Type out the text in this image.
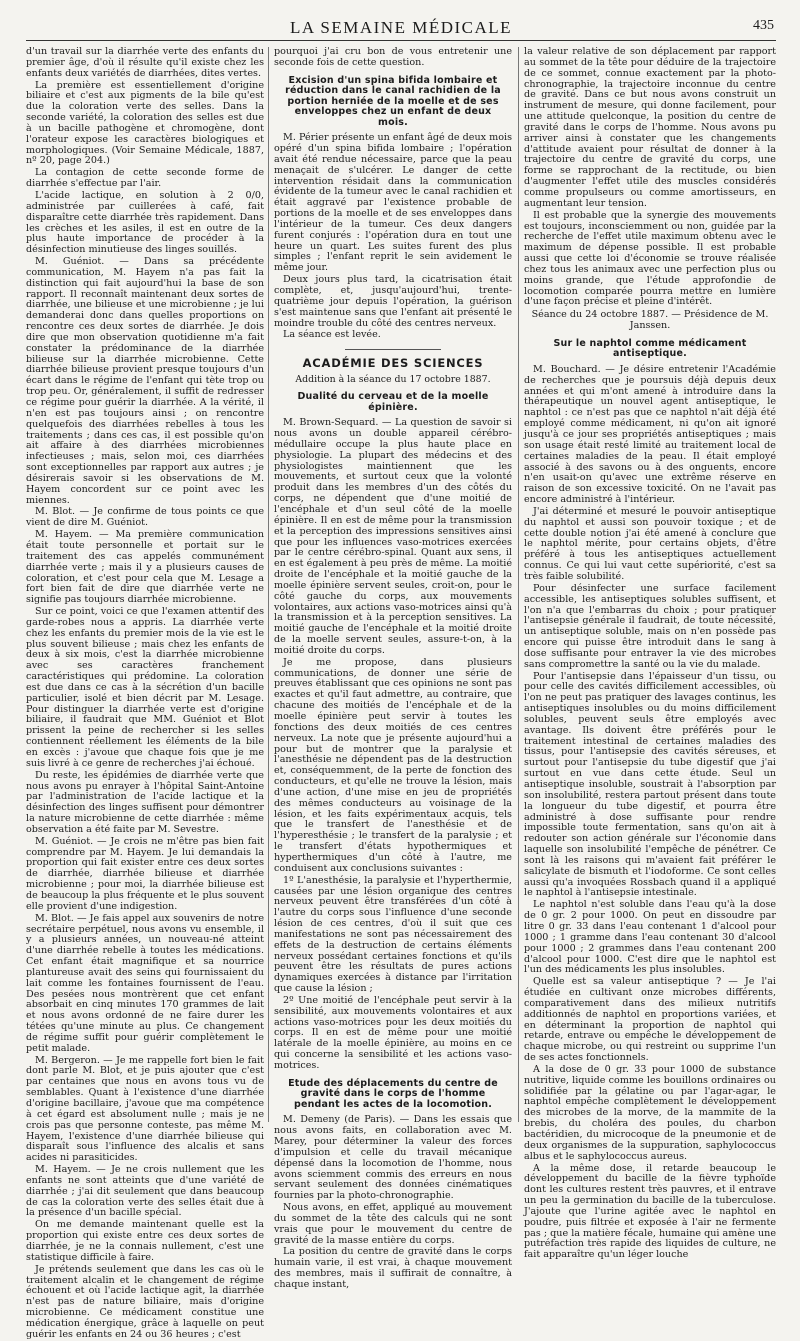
LA SEMAINE MÉDICALE	435

d'un travail sur la diarrhée verte des enfants du premier âge, d'où il résulte qu'il existe chez les enfants deux variétés de diarrhées, dites vertes.

La première est essentiellement d'origine biliaire et c'est aux pigments de la bile qu'est due la coloration verte des selles. Dans la seconde variété, la coloration des selles est due à un bacille pathogène et chromogène, dont l'orateur expose les caractères biologiques et morphologiques. (Voir Semaine Médicale, 1887, nº 20, page 204.)

La contagion de cette seconde forme de diarrhée s'effectue par l'air.

L'acide lactique, en solution à 2 0/0, administrée par cuillerées à café, fait disparaître cette diarrhée très rapidement. Dans les crèches et les asiles, il est en outre de la plus haute importance de procéder à la désinfection minutieuse des linges souillés.

M. Guéniot. — Dans sa précédente communication, M. Hayem n'a pas fait la distinction qui fait aujourd'hui la base de son rapport. Il reconnaît maintenant deux sortes de diarrhée, une bilieuse et une microbienne ; je lui demanderai donc dans quelles proportions on rencontre ces deux sortes de diarrhée. Je dois dire que mon observation quotidienne m'a fait constater la prédominance de la diarrhée bilieuse sur la diarrhée microbienne. Cette diarrhée bilieuse provient presque toujours d'un écart dans le régime de l'enfant qui tète trop ou trop peu. Or, généralement, il suffit de redresser ce régime pour guérir la diarrhée. A la vérité, il n'en est pas toujours ainsi ; on rencontre quelquefois des diarrhées rebelles à tous les traitements ; dans ces cas, il est possible qu'on ait affaire à des diarrhées microbiennes infectieuses ; mais, selon moi, ces diarrhées sont exceptionnelles par rapport aux autres ; je désirerais savoir si les observations de M. Hayem concordent sur ce point avec les miennes.

M. Blot. — Je confirme de tous points ce que vient de dire M. Guéniot.

M. Hayem. — Ma première communication était toute personnelle et portait sur le traitement des cas appelés communément diarrhée verte ; mais il y a plusieurs causes de coloration, et c'est pour cela que M. Lesage a fort bien fait de dire que diarrhée verte ne signifie pas toujours diarrhée microbienne.

Sur ce point, voici ce que l'examen attentif des garde-robes nous a appris. La diarrhée verte chez les enfants du premier mois de la vie est le plus souvent bilieuse ; mais chez les enfants de deux à six mois, c'est la diarrhée microbienne avec ses caractères franchement caractéristiques qui prédomine. La coloration est due dans ce cas à la sécrétion d'un bacille particulier, isolé et bien décrit par M. Lesage. Pour distinguer la diarrhée verte est d'origine biliaire, il faudrait que MM. Guéniot et Blot prissent la peine de rechercher si les selles contiennent réellement les éléments de la bile en excès : j'avoue que chaque fois que je me suis livré à ce genre de recherches j'ai échoué.

Du reste, les épidémies de diarrhée verte que nous avons pu enrayer à l'hôpital Saint-Antoine par l'administration de l'acide lactique et la désinfection des linges suffisent pour démontrer la nature microbienne de cette diarrhée : même observation a été faite par M. Sevestre.

M. Guéniot. — Je crois ne m'être pas bien fait comprendre par M. Hayem. Je lui demandais la proportion qui fait exister entre ces deux sortes de diarrhée, diarrhée bilieuse et diarrhée microbienne ; pour moi, la diarrhée bilieuse est de beaucoup la plus fréquente et le plus souvent elle provient d'une indigestion.

M. Blot. — Je fais appel aux souvenirs de notre secrétaire perpétuel, nous avons vu ensemble, il y a plusieurs années, un nouveau-né atteint d'une diarrhée rebelle à toutes les médications. Cet enfant était magnifique et sa nourrice plantureuse avait des seins qui fournissaient du lait comme les fontaines fournissent de l'eau. Des pesées nous montrèrent que cet enfant absorbait en cinq minutes 170 grammes de lait et nous avons ordonné de ne faire durer les tétées qu'une minute au plus. Ce changement de régime suffit pour guérir complètement le petit malade.

M. Bergeron. — Je me rappelle fort bien le fait dont parle M. Blot, et je puis ajouter que c'est par centaines que nous en avons tous vu de semblables. Quant à l'existence d'une diarrhée d'origine bacillaire, j'avoue que ma compétence à cet égard est absolument nulle ; mais je ne crois pas que personne conteste, pas même M. Hayem, l'existence d'une diarrhée bilieuse qui disparaît sous l'influence des alcalis et sans acides ni parasiticides.

M. Hayem. — Je ne crois nullement que les enfants ne sont atteints que d'une variété de diarrhée ; j'ai dit seulement que dans beaucoup de cas la coloration verte des selles était due à la présence d'un bacille spécial.

On me demande maintenant quelle est la proportion qui existe entre ces deux sortes de diarrhée, je ne la connais nullement, c'est une statistique difficile à faire.

Je prétends seulement que dans les cas où le traitement alcalin et le changement de régime échouent et où l'acide lactique agit, la diarrhée n'est pas de nature biliaire, mais d'origine microbienne. Ce médicament constitue une médication énergique, grâce à laquelle on peut guérir les enfants en 24 ou 36 heures ; c'est

pourquoi j'ai cru bon de vous entretenir une seconde fois de cette question.

Excision d'un spina bifida lombaire et réduction dans le canal rachidien de la portion herniée de la moelle et de ses enveloppes chez un enfant de deux mois.

M. Périer présente un enfant âgé de deux mois opéré d'un spina bifida lombaire ; l'opération avait été rendue nécessaire, parce que la peau menaçait de s'ulcérer. Le danger de cette intervention résidait dans la communication évidente de la tumeur avec le canal rachidien et était aggravé par l'existence probable de portions de la moelle et de ses enveloppes dans l'intérieur de la tumeur. Ces deux dangers furent conjurés : l'opération dura en tout une heure un quart. Les suites furent des plus simples ; l'enfant reprit le sein avidement le même jour.

Deux jours plus tard, la cicatrisation était complète, et, jusqu'aujourd'hui, trente-quatrième jour depuis l'opération, la guérison s'est maintenue sans que l'enfant ait présenté le moindre trouble du côté des centres nerveux.

La séance est levée.

ACADÉMIE DES SCIENCES
Addition à la séance du 17 octobre 1887.
Dualité du cerveau et de la moelle épinière.

M. Brown-Sequard. — La question de savoir si nous avons un double appareil cérébro-médullaire occupe la plus haute place en physiologie. La plupart des médecins et des physiologistes maintiennent que les mouvements, et surtout ceux que la volonté produit dans les membres d'un des côtés du corps, ne dépendent que d'une moitié de l'encéphale et d'un seul côté de la moelle épinière. Il en est de même pour la transmission et la perception des impressions sensitives ainsi que pour les influences vaso-motrices exercées par le centre cérébro-spinal. Quant aux sens, il en est également à peu près de même. La moitié droite de l'encéphale et la moitié gauche de la moelle épinière servent seules, croit-on, pour le côté gauche du corps, aux mouvements volontaires, aux actions vaso-motrices ainsi qu'à la transmission et à la perception sensitives. La moitié gauche de l'encéphale et la moitié droite de la moelle servent seules, assure-t-on, à la moitié droite du corps.

Je me propose, dans plusieurs communications, de donner une série de preuves établissant que ces opinions ne sont pas exactes et qu'il faut admettre, au contraire, que chacune des moitiés de l'encéphale et de la moelle épinière peut servir à toutes les fonctions des deux moitiés de ces centres nerveux. La note que je présente aujourd'hui a pour but de montrer que la paralysie et l'anesthésie ne dépendent pas de la destruction et, conséquemment, de la perte de fonction des conducteurs, et qu'elle ne trouve la lésion, mais d'une action, d'une mise en jeu de propriétés des mêmes conducteurs au voisinage de la lésion, et les faits expérimentaux acquis, tels que le transfert de l'anesthésie et de l'hyperesthésie ; le transfert de la paralysie ; et le transfert d'états hypothermiques et hyperthermiques d'un côté à l'autre, me conduisent aux conclusions suivantes :

1º L'anesthésie, la paralysie et l'hyperthermie, causées par une lésion organique des centres nerveux peuvent être transférées d'un côté à l'autre du corps sous l'influence d'une seconde lésion de ces centres, d'où il suit que ces manifestations ne sont pas nécessairement des effets de la destruction de certains éléments nerveux possédant certaines fonctions et qu'ils peuvent être les résultats de pures actions dynamiques exercées à distance par l'irritation que cause la lésion ;

2º Une moitié de l'encéphale peut servir à la sensibilité, aux mouvements volontaires et aux actions vaso-motrices pour les deux moitiés du corps. Il en est de même pour une moitié latérale de la moelle épinière, au moins en ce qui concerne la sensibilité et les actions vaso-motrices.

Etude des déplacements du centre de gravité dans le corps de l'homme pendant les actes de la locomotion.

M. Demeny (de Paris). — Dans les essais que nous avons faits, en collaboration avec M. Marey, pour déterminer la valeur des forces d'impulsion et celle du travail mécanique dépensé dans la locomotion de l'homme, nous avons sciemment commis des erreurs en nous servant seulement des données cinématiques fournies par la photo-chronographie.

Nous avons, en effet, appliqué au mouvement du sommet de la tête des calculs qui ne sont vrais que pour le mouvement du centre de gravité de la masse entière du corps.

La position du centre de gravité dans le corps humain varie, il est vrai, à chaque mouvement des membres, mais il suffirait de connaître, à chaque instant,

la valeur relative de son déplacement par rapport au sommet de la tête pour déduire de la trajectoire de ce sommet, connue exactement par la photo-chronographie, la trajectoire inconnue du centre de gravité. Dans ce but nous avons construit un instrument de mesure, qui donne facilement, pour une attitude quelconque, la position du centre de gravité dans le corps de l'homme. Nous avons pu arriver ainsi à constater que les changements d'attitude avaient pour résultat de donner à la trajectoire du centre de gravité du corps, une forme se rapprochant de la rectitude, ou bien d'augmenter l'effet utile des muscles considérés comme propulseurs ou comme amortisseurs, en augmentant leur tension.

Il est probable que la synergie des mouvements est toujours, inconsciemment ou non, guidée par la recherche de l'effet utile maximum obtenu avec le maximum de dépense possible. Il est probable aussi que cette loi d'économie se trouve réalisée chez tous les animaux avec une perfection plus ou moins grande, que l'étude approfondie de locomotion comparée pourra mettre en lumière d'une façon précise et pleine d'intérêt.

Séance du 24 octobre 1887. — Présidence de M. Janssen.

Sur le naphtol comme médicament antiseptique.

M. Bouchard. — Je désire entretenir l'Académie de recherches que je poursuis déjà depuis deux années et qui m'ont amené à introduire dans la thérapeutique un nouvel agent antiseptique, le naphtol : ce n'est pas que ce naphtol n'ait déjà été employé comme médicament, ni qu'on ait ignoré jusqu'à ce jour ses propriétés antiseptiques ; mais son usage était resté limité au traitement local de certaines maladies de la peau. Il était employé associé à des savons ou à des onguents, encore n'en usait-on qu'avec une extrême réserve en raison de son excessive toxicité. On ne l'avait pas encore administré à l'intérieur.

J'ai déterminé et mesuré le pouvoir antiseptique du naphtol et aussi son pouvoir toxique ; et de cette double notion j'ai été amené à conclure que le naphtol mérite, pour certains objets, d'être préféré à tous les antiseptiques actuellement connus. Ce qui lui vaut cette supériorité, c'est sa très faible solubilité.

Pour désinfecter une surface facilement accessible, les antiseptiques solubles suffisent, et l'on n'a que l'embarras du choix ; pour pratiquer l'antisepsie générale il faudrait, de toute nécessité, un antiseptique soluble, mais on n'en possède pas encore qui puisse être introduit dans le sang à dose suffisante pour entraver la vie des microbes sans compromettre la santé ou la vie du malade.

Pour l'antisepsie dans l'épaisseur d'un tissu, ou pour celle des cavités difficilement accessibles, où l'on ne peut pas pratiquer des lavages continus, les antiseptiques insolubles ou du moins difficilement solubles, peuvent seuls être employés avec avantage. Ils doivent être préférés pour le traitement intestinal de certaines maladies des tissus, pour l'antisepsie des cavités séreuses, et surtout pour l'antisepsie du tube digestif que j'ai surtout en vue dans cette étude. Seul un antiseptique insoluble, soustrait à l'absorption par son insolubilité, restera partout présent dans toute la longueur du tube digestif, et pourra être administré à dose suffisante pour rendre impossible toute fermentation, sans qu'on ait à redouter son action générale sur l'économie dans laquelle son insolubilité l'empêche de pénétrer. Ce sont là les raisons qui m'avaient fait préférer le salicylate de bismuth et l'iodoforme. Ce sont celles aussi qu'a invoquées Rossbach quand il a appliqué le naphtol à l'antisepsie intestinale.

Le naphtol n'est soluble dans l'eau qu'à la dose de 0 gr. 2 pour 1000. On peut en dissoudre par litre 0 gr. 33 dans l'eau contenant 1 d'alcool pour 1000 ; 1 gramme dans l'eau contenant 30 d'alcool pour 1000 ; 2 grammes dans l'eau contenant 200 d'alcool pour 1000. C'est dire que le naphtol est l'un des médicaments les plus insolubles.

Quelle est sa valeur antiseptique ? — Je l'ai étudiée en cultivant onze microbes différents, comparativement dans des milieux nutritifs additionnés de naphtol en proportions variées, et en déterminant la proportion de naphtol qui retarde, entrave ou empêche le développement de chaque microbe, ou qui restreint ou supprime l'un de ses actes fonctionnels.

A la dose de 0 gr. 33 pour 1000 de substance nutritive, liquide comme les bouillons ordinaires ou solidifiée par la gélatine ou par l'agar-agar, le naphtol empêche complètement le développement des microbes de la morve, de la mammite de la brebis, du choléra des poules, du charbon bactéridien, du microcoque de la pneumonie et de deux organismes de la suppuration, saphylococcus albus et le saphylococcus aureus.

A la même dose, il retarde beaucoup le développement du bacille de la fièvre typhoïde dont les cultures restent très pauvres, et il entrave un peu la germination du bacille de la tuberculose. J'ajoute que l'urine agitée avec le naphtol en poudre, puis filtrée et exposée à l'air ne fermente pas ; que la matière fécale, humaine qui amène une putréfaction très rapide des liquides de culture, ne fait apparaître qu'un léger louche
